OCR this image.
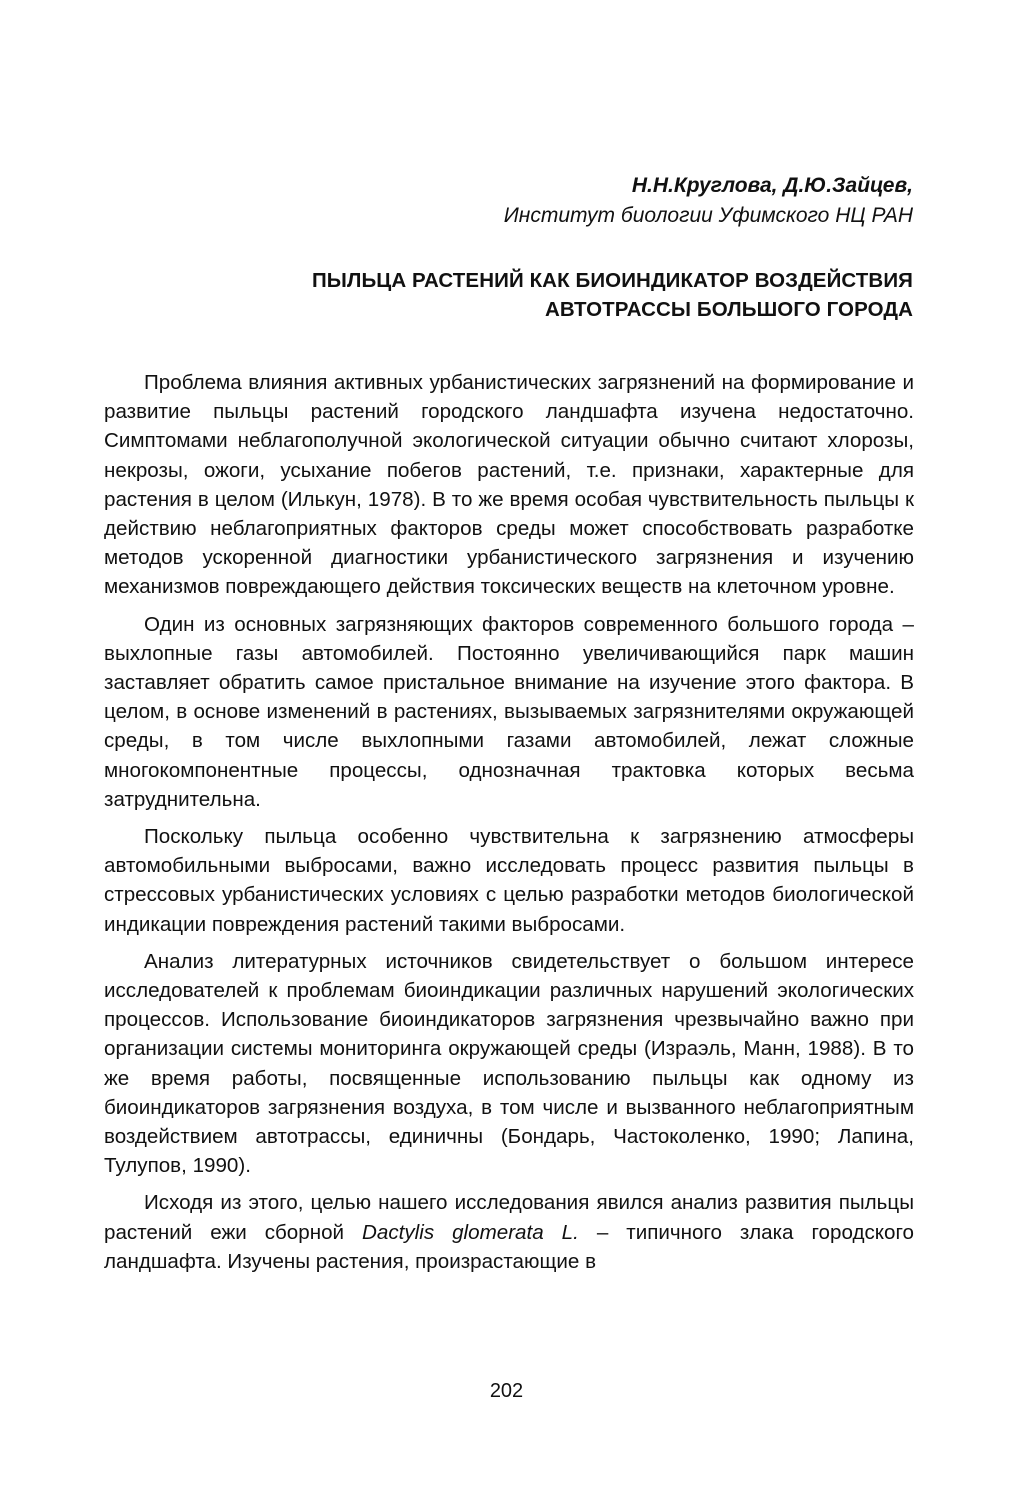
Н.Н.Круглова, Д.Ю.Зайцев,
Институт биологии Уфимского НЦ РАН
ПЫЛЬЦА РАСТЕНИЙ КАК БИОИНДИКАТОР ВОЗДЕЙСТВИЯ
АВТОТРАССЫ БОЛЬШОГО ГОРОДА

Проблема влияния активных урбанистических загрязнений на формирование и развитие пыльцы растений городского ландшафта изучена недостаточно. Симптомами неблагополучной экологической ситуации обычно считают хлорозы, некрозы, ожоги, усыхание побегов растений, т.е. признаки, характерные для растения в целом (Илькун, 1978). В то же время особая чувствительность пыльцы к действию неблагоприятных факторов среды может способствовать разработке методов ускоренной диагностики урбанистического загрязнения и изучению механизмов повреждающего действия токсических веществ на клеточном уровне.

Один из основных загрязняющих факторов современного большого города – выхлопные газы автомобилей. Постоянно увеличивающийся парк машин заставляет обратить самое пристальное внимание на изучение этого фактора. В целом, в основе изменений в растениях, вызываемых загрязнителями окружающей среды, в том числе выхлопными газами автомобилей, лежат сложные многокомпонентные процессы, однозначная трактовка которых весьма затруднительна.

Поскольку пыльца особенно чувствительна к загрязнению атмосферы автомобильными выбросами, важно исследовать процесс развития пыльцы в стрессовых урбанистических условиях с целью разработки методов биологической индикации повреждения растений такими выбросами.

Анализ литературных источников свидетельствует о большом интересе исследователей к проблемам биоиндикации различных нарушений экологических процессов. Использование биоиндикаторов загрязнения чрезвычайно важно при организации системы мониторинга окружающей среды (Израэль, Манн, 1988). В то же время работы, посвященные использованию пыльцы как одному из биоиндикаторов загрязнения воздуха, в том числе и вызванного неблагоприятным воздействием автотрассы, единичны (Бондарь, Частоколенко, 1990; Лапина, Тулупов, 1990).

Исходя из этого, целью нашего исследования явился анализ развития пыльцы растений ежи сборной Dactylis glomerata L. – типичного злака городского ландшафта. Изучены растения, произрастающие в

202
